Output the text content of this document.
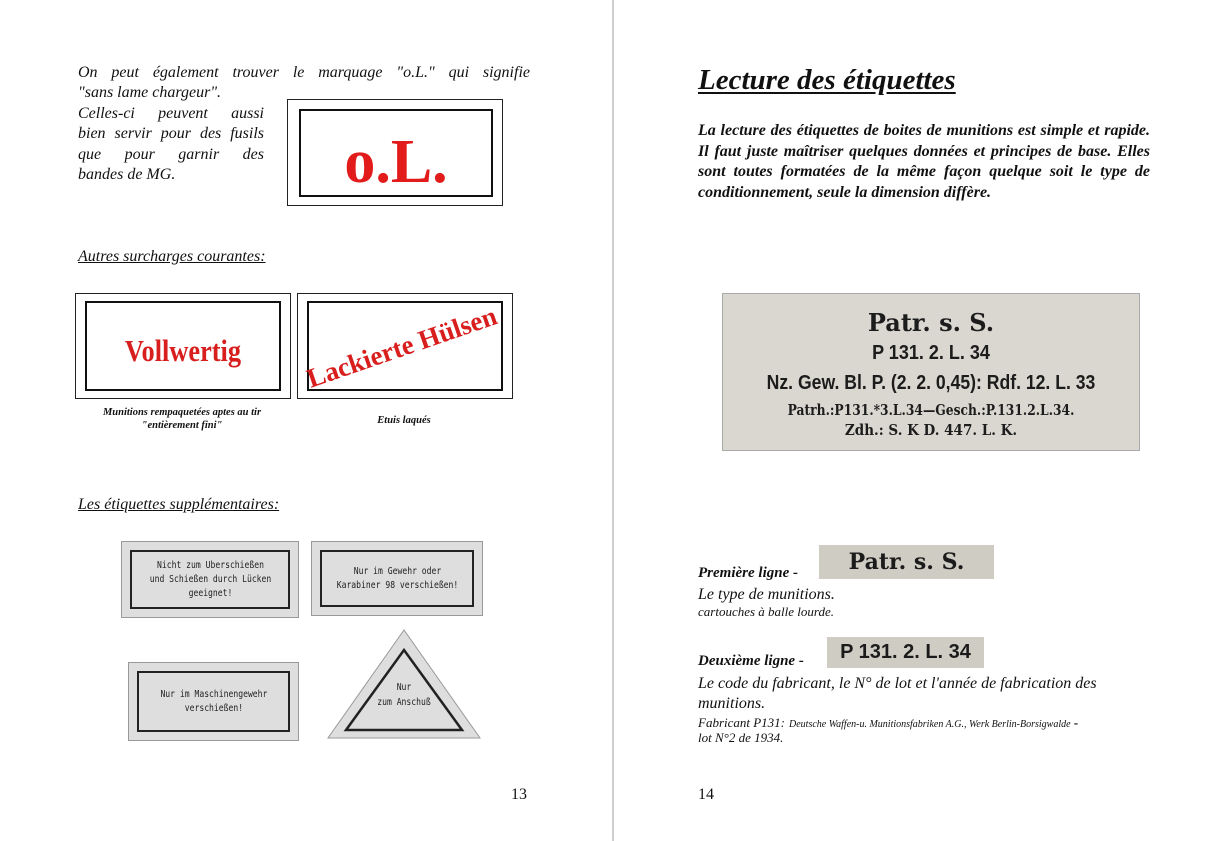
On peut également trouver le marquage "o.L." qui signifie
"sans lame chargeur".
Celles-ci peuvent aussi
bien servir pour des fusils
que pour garnir des
bandes de MG.	o.L.
Autres surcharges courantes:
Vollwertig
Munitions rempaquetées aptes au tir
"entièrement fini"
Lackierte Hülsen
Etuis laqués
Les étiquettes supplémentaires:
Nicht zum Überschießen
und Schießen durch Lücken
geeignet!
Nur im Gewehr oder
Karabiner 98 verschießen!
Nur im Maschinengewehr
verschießen!
Nur
zum Anschuß
13
Lecture des étiquettes
La lecture des étiquettes de boites de munitions est simple et rapide. Il faut juste maîtriser quelques données et principes de base. Elles sont toutes formatées de la même façon quelque soit le type de conditionnement, seule la dimension diffère.
Patr. s. S.
P 131. 2. L. 34
Nz. Gew. Bl. P. (2. 2. 0,45): Rdf. 12. L. 33
Patrh.:P131.*3.L.34—Gesch.:P.131.2.L.34.
Zdh.: S. K D. 447. L. K.
Première ligne -	Patr. s. S.
Le type de munitions.
cartouches à balle lourde.
Deuxième ligne -	P 131. 2. L. 34
Le code du fabricant, le N° de lot et l'année de fabrication des munitions.
Fabricant P131: Deutsche Waffen-u. Munitionsfabriken A.G., Werk Berlin-Borsigwalde -
lot N°2 de 1934.
14
